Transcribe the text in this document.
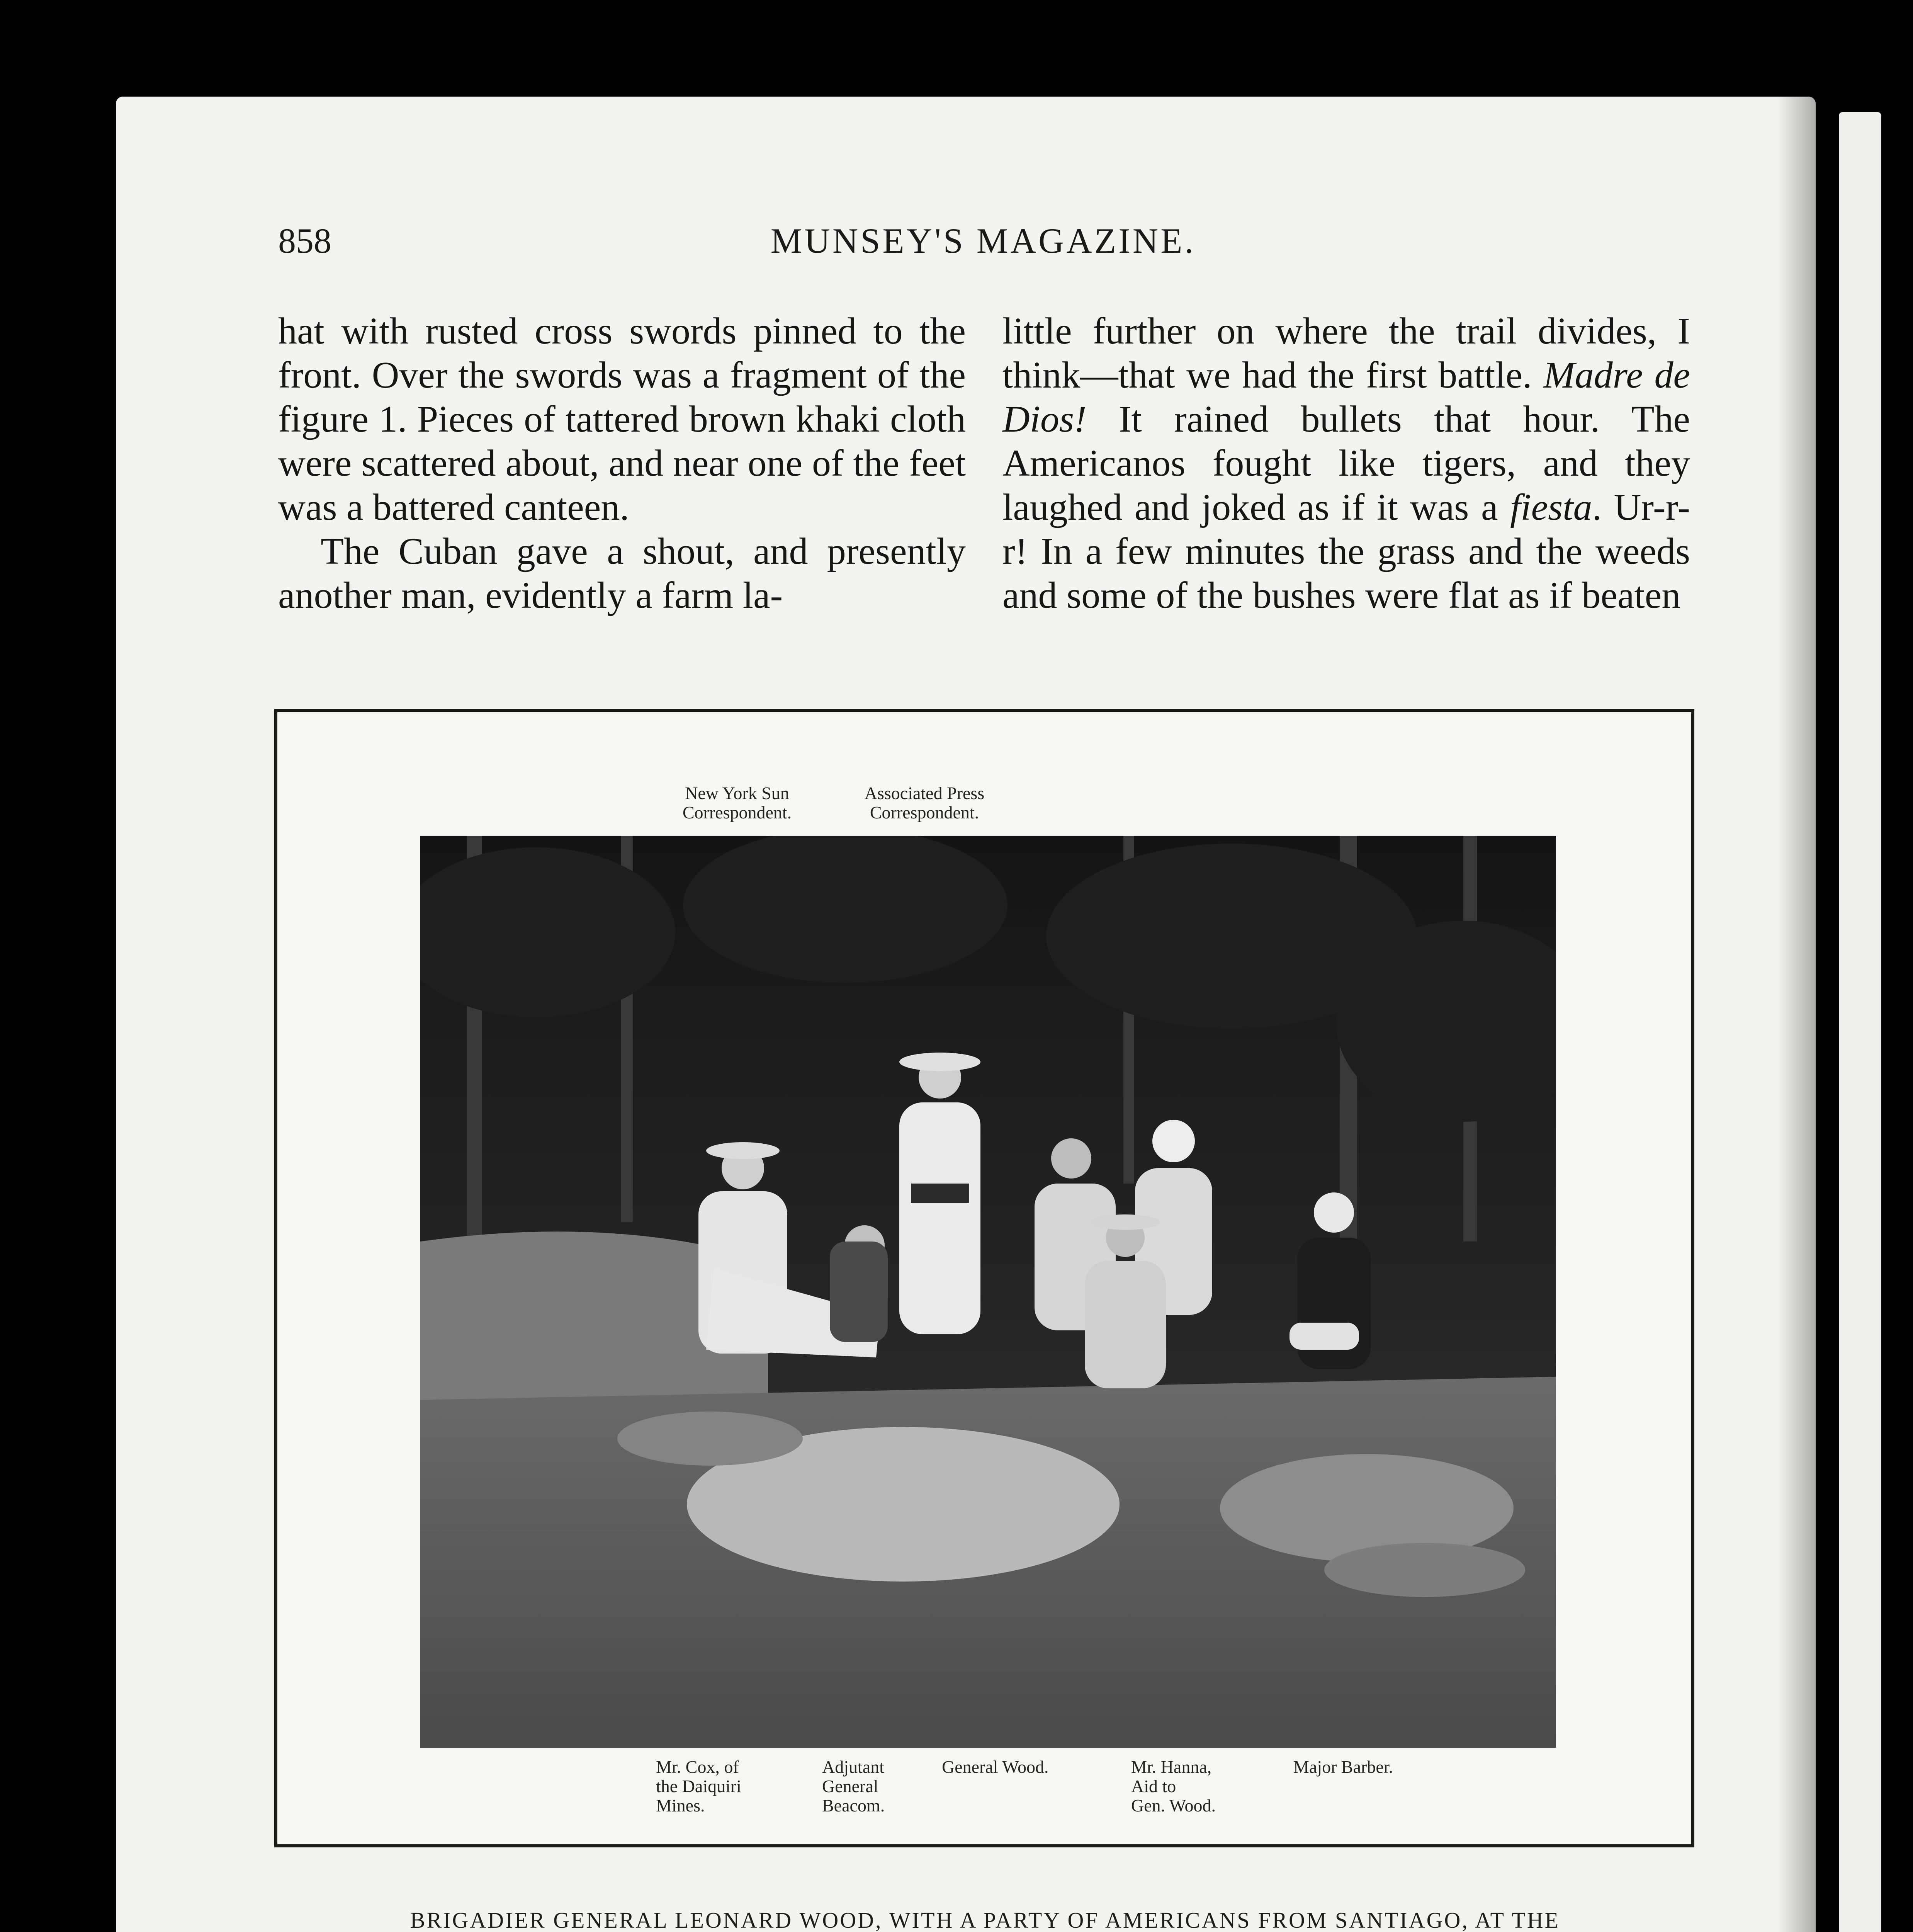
858	MUNSEY'S MAGAZINE.

hat with rusted cross swords pinned to the front. Over the swords was a fragment of the figure 1. Pieces of tattered brown khaki cloth were scattered about, and near one of the feet was a battered canteen.

The Cuban gave a shout, and presently another man, evidently a farm la-

little further on where the trail divides, I think—that we had the first battle. Madre de Dios! It rained bullets that hour. The Americanos fought like tigers, and they laughed and joked as if it was a fiesta. Ur-r-r! In a few minutes the grass and the weeds and some of the bushes were flat as if beaten

New York Sun
Correspondent.
Associated Press
Correspondent.
Mr. Cox, of
the Daiquiri
Mines.
Adjutant
General
Beacom.
General Wood.	Mr. Hanna,
Aid to
Gen. Wood.
Major Barber.
BRIGADIER GENERAL LEONARD WOOD, WITH A PARTY OF AMERICANS FROM SANTIAGO, AT THE
